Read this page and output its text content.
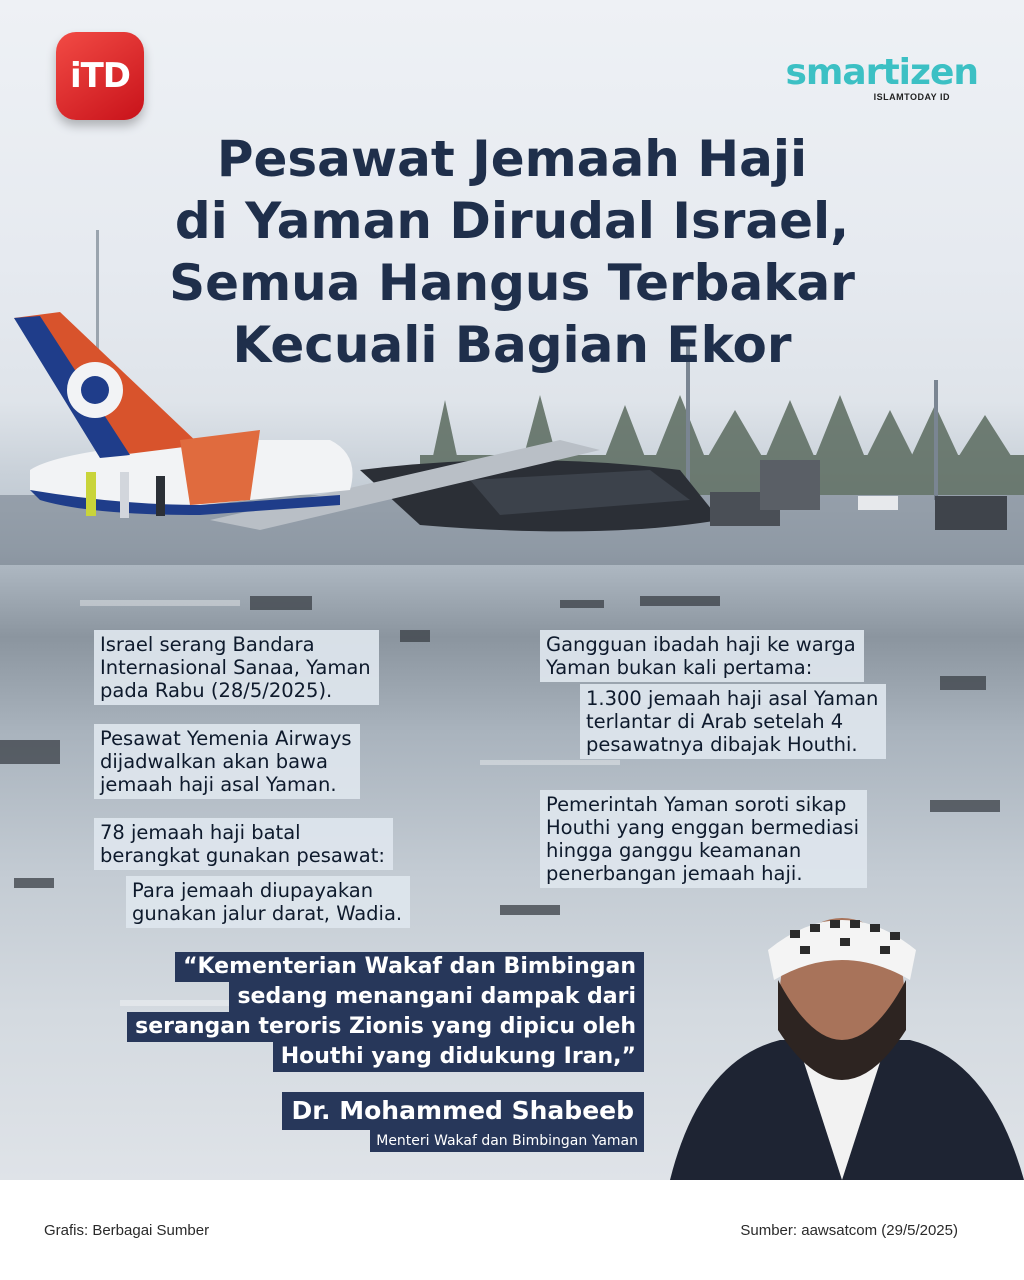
iTD	smartizen
ISLAMTODAY ID
Pesawat Jemaah Haji
di Yaman Dirudal Israel,
Semua Hangus Terbakar
Kecuali Bagian Ekor
Israel serang Bandara
Internasional Sanaa, Yaman
pada Rabu (28/5/2025).
Pesawat Yemenia Airways
dijadwalkan akan bawa
jemaah haji asal Yaman.
78 jemaah haji batal
berangkat gunakan pesawat:
Para jemaah diupayakan
gunakan jalur darat, Wadia.
Gangguan ibadah haji ke warga
Yaman bukan kali pertama:
1.300 jemaah haji asal Yaman
terlantar di Arab setelah 4
pesawatnya dibajak Houthi.
Pemerintah Yaman soroti sikap
Houthi yang enggan bermediasi
hingga ganggu keamanan
penerbangan jemaah haji.
“Kementerian Wakaf dan Bimbingan
sedang menangani dampak dari
serangan teroris Zionis yang dipicu oleh
Houthi yang didukung Iran,”
Dr. Mohammed Shabeeb
Menteri Wakaf dan Bimbingan Yaman
Grafis: Berbagai Sumber	Sumber: aawsatcom (29/5/2025)
